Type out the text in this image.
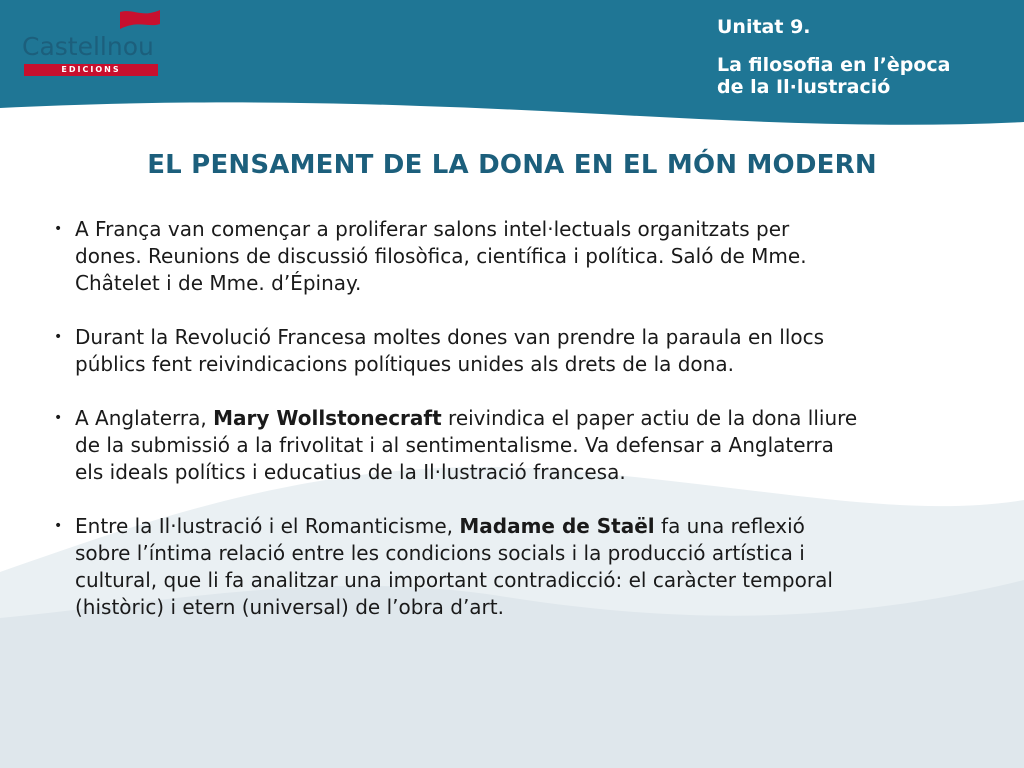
Castellnou
EDICIONS
Unitat 9.
La filosofia en l’època
de la Il·lustració
EL PENSAMENT DE LA DONA EN EL MÓN MODERN
• A França van començar a proliferar salons intel·lectuals organitzats per
dones. Reunions de discussió filosòfica, científica i política. Saló de Mme.
Châtelet i de Mme. d’Épinay.
• Durant la Revolució Francesa moltes dones van prendre la paraula en llocs
públics fent reivindicacions polítiques unides als drets de la dona.
• A Anglaterra, Mary Wollstonecraft reivindica el paper actiu de la dona lliure
de la submissió a la frivolitat i al sentimentalisme. Va defensar a Anglaterra
els ideals polítics i educatius de la Il·lustració francesa.
• Entre la Il·lustració i el Romanticisme, Madame de Staël fa una reflexió
sobre l’íntima relació entre les condicions socials i la producció artística i
cultural, que li fa analitzar una important contradicció: el caràcter temporal
(històric) i etern (universal) de l’obra d’art.
